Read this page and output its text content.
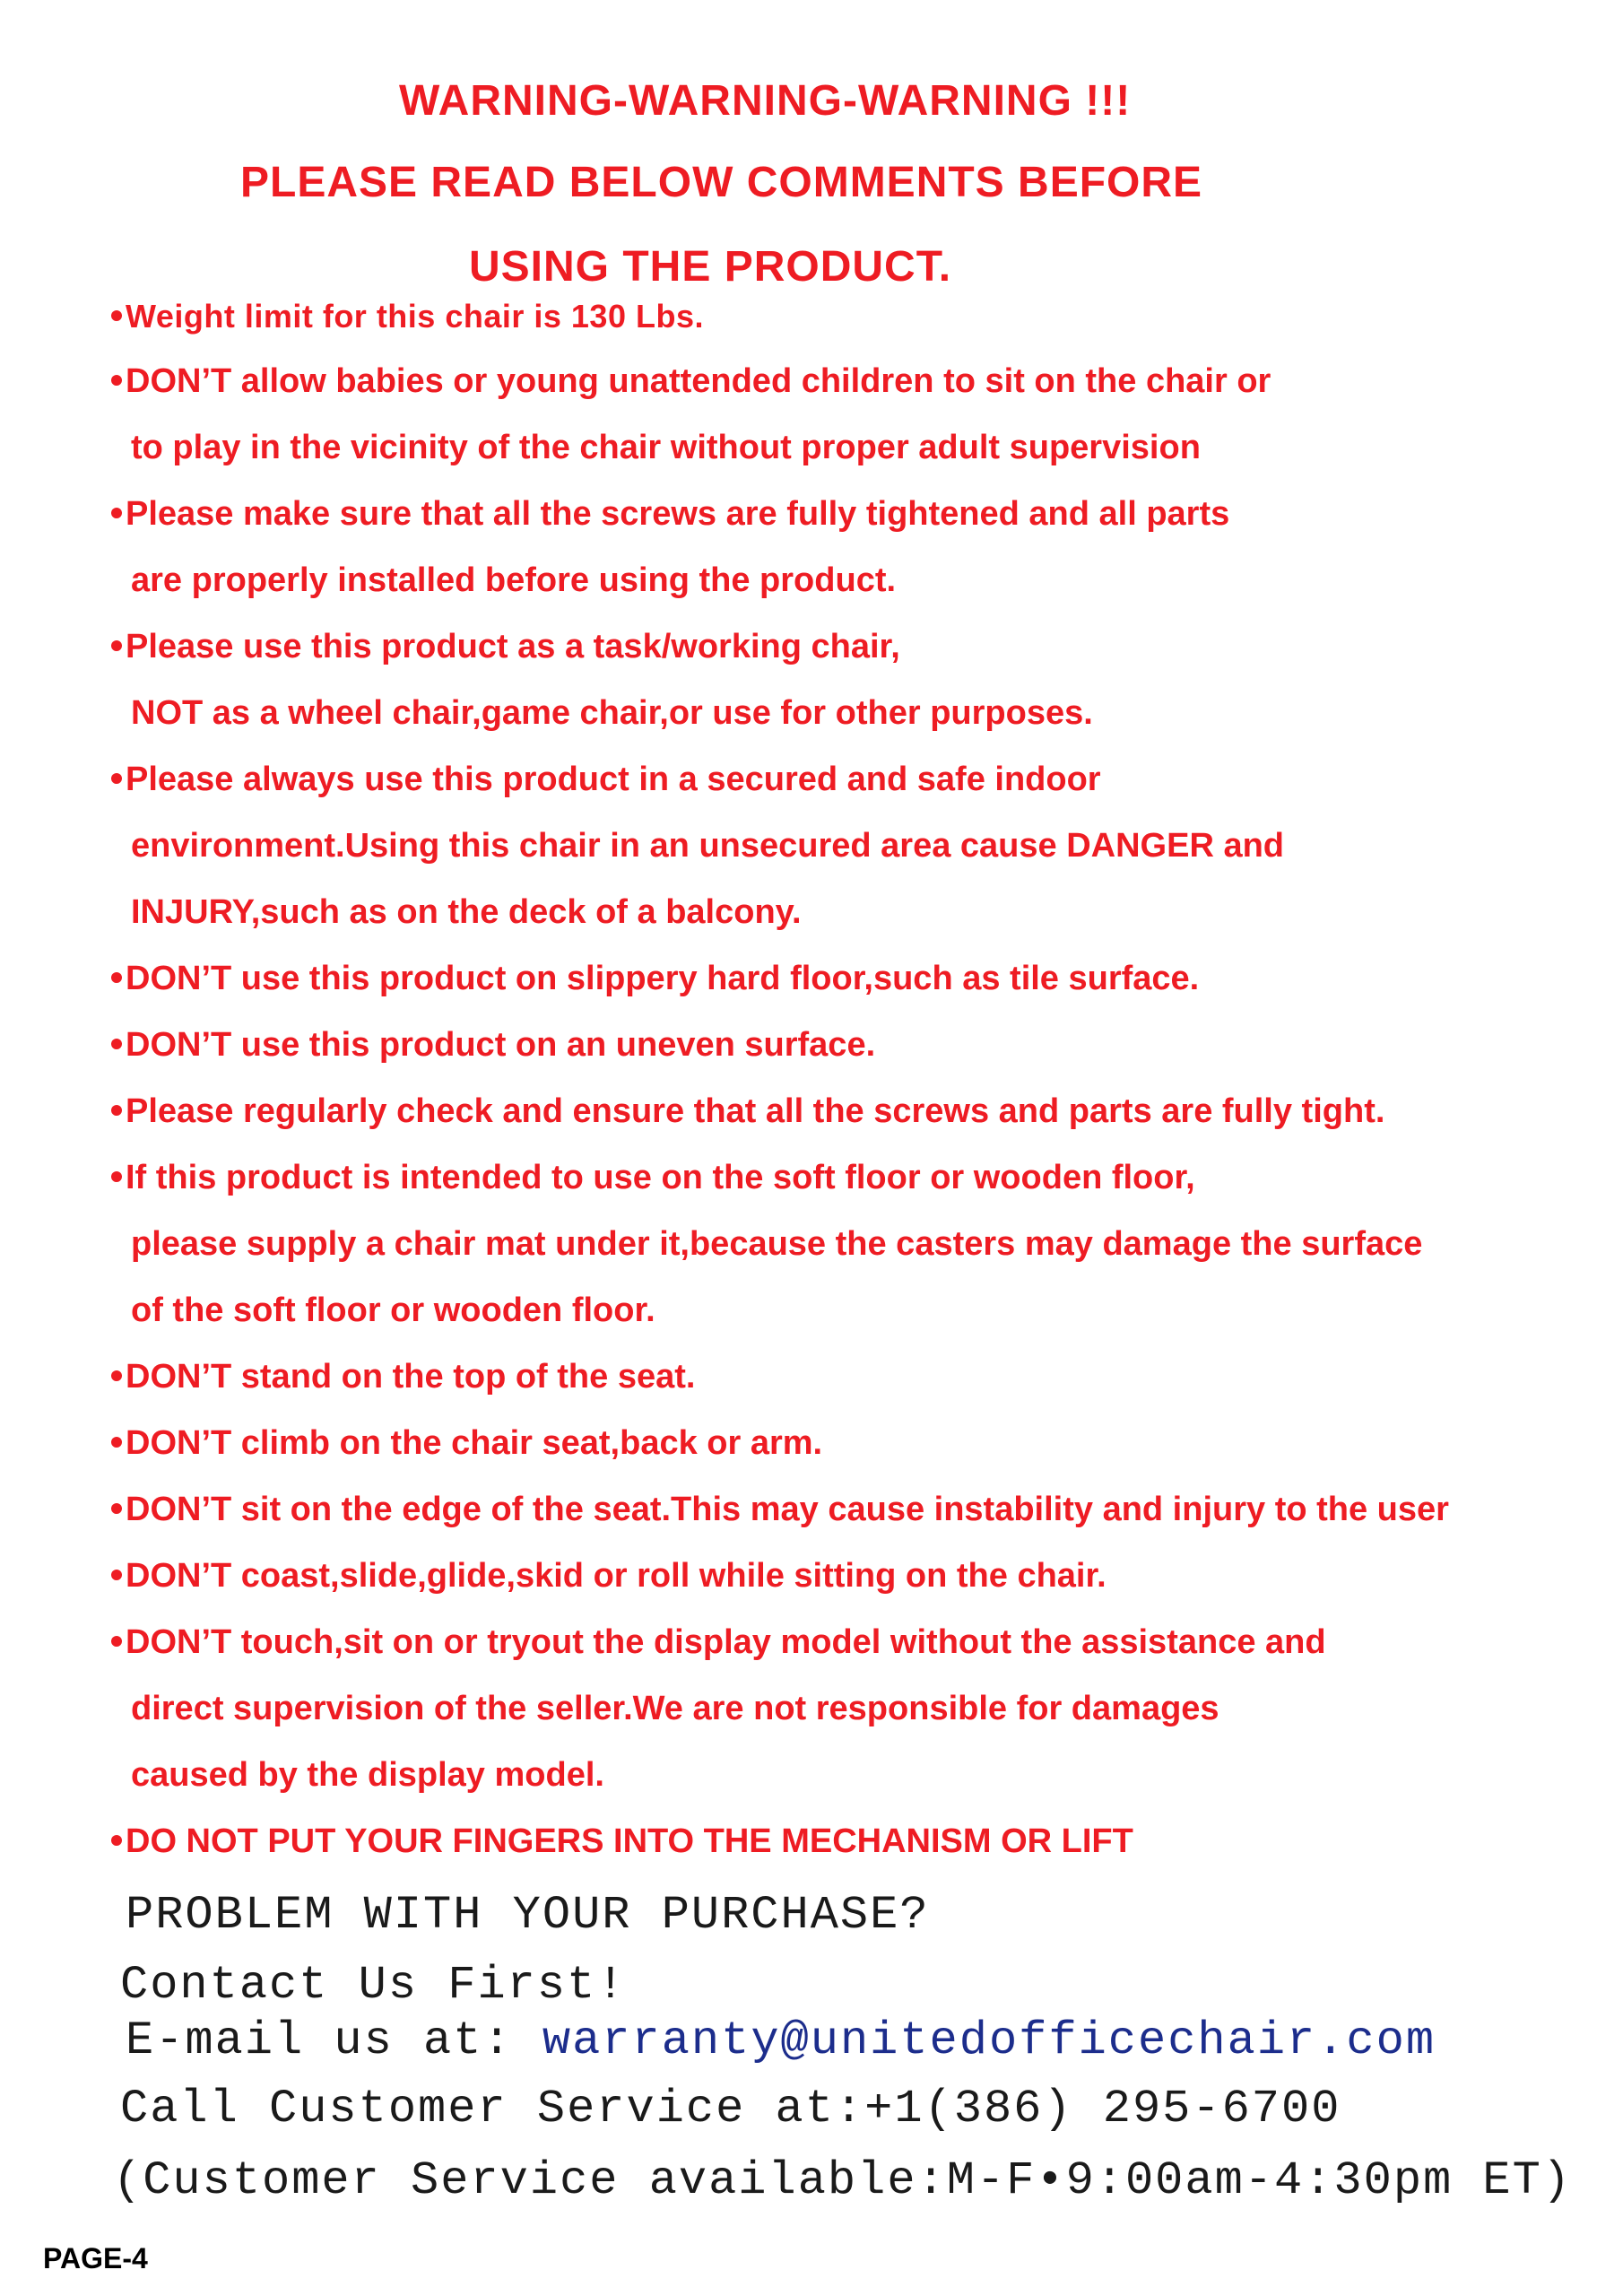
WARNING-WARNING-WARNING !!!
PLEASE READ BELOW COMMENTS BEFORE
USING THE PRODUCT.
Weight limit for this chair is 130 Lbs.
DON’T allow babies or young unattended children to sit on the chair or
to play in the vicinity of the chair without proper adult supervision
Please make sure that all the screws are fully tightened and all parts
are properly installed before using the product.
Please use this product as a task/working chair,
NOT as a wheel chair,game chair,or use for other purposes.
Please always use this product in a secured and safe indoor
environment.Using this chair in an unsecured area cause DANGER and
INJURY,such as on the deck of a balcony.
DON’T use this product on slippery hard floor,such as tile surface.
DON’T use this product on an uneven surface.
Please regularly check and ensure that all the screws and parts are fully tight.
If this product is intended to use on the soft floor or wooden floor,
please supply a chair mat under it,because the casters may damage the surface
of the soft floor or wooden floor.
DON’T stand on the top of the seat.
DON’T climb on the chair seat,back or arm.
DON’T sit on the edge of the seat.This may cause instability and injury to the user
DON’T coast,slide,glide,skid or roll while sitting on the chair.
DON’T touch,sit on or tryout the display model without the assistance and
direct supervision of the seller.We are not responsible for damages
caused by the display model.
DO NOT PUT YOUR FINGERS INTO THE MECHANISM OR LIFT
PROBLEM WITH YOUR PURCHASE?
Contact Us First!
E-mail us at: warranty@unitedofficechair.com
Call Customer Service at:+1(386) 295-6700
(Customer Service available:M-F•9:00am-4:30pm ET)
PAGE-4
